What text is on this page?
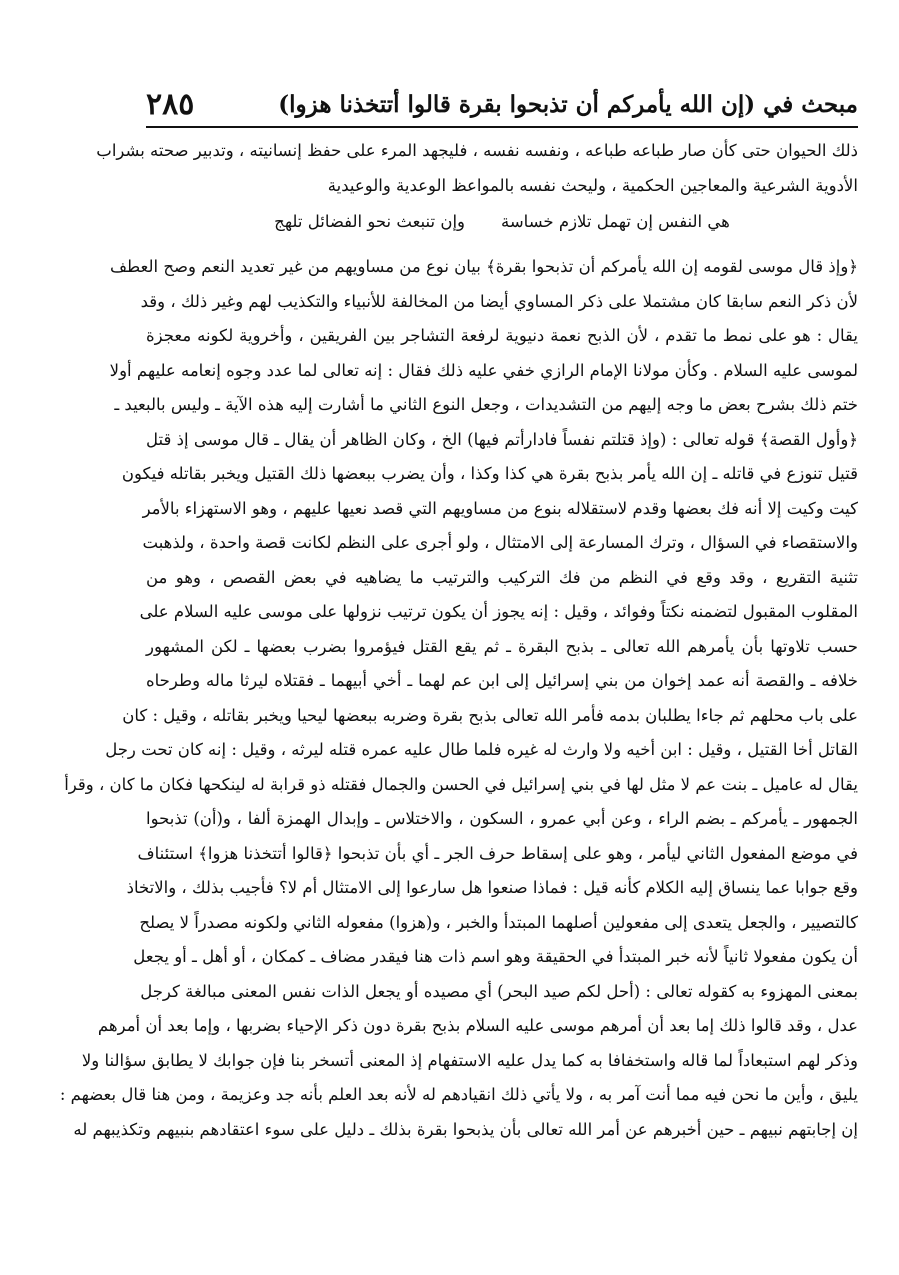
مبحث في (إن الله يأمركم أن تذبحوا بقرة قالوا أتتخذنا هزوا)
٢٨٥
ذلك الحيوان حتى كأن صار طباعه طباعه ، ونفسه نفسه ، فليجهد المرء على حفظ إنسانيته ، وتدبير صحته بشراب
الأدوية الشرعية والمعاجين الحكمية ، وليحث نفسه بالمواعظ الوعدية والوعيدية
هي النفس إن تهمل تلازم خساسة
وإن تنبعث نحو الفضائل تلهج
﴿وإذ قال موسى لقومه إن الله يأمركم أن تذبحوا بقرة﴾ بيان نوع من مساويهم من غير تعديد النعم وصح العطف
لأن ذكر النعم سابقا كان مشتملا على ذكر المساوي أيضا من المخالفة للأنبياء والتكذيب لهم وغير ذلك ، وقد
يقال : هو على نمط ما تقدم ، لأن الذبح نعمة دنيوية لرفعة التشاجر بين الفريقين ، وأخروية لكونه معجزة
لموسى عليه السلام . وكأن مولانا الإمام الرازي خفي عليه ذلك فقال : إنه تعالى لما عدد وجوه إنعامه عليهم أولا
ختم ذلك بشرح بعض ما وجه إليهم من التشديدات ، وجعل النوع الثاني ما أشارت إليه هذه الآية ـ وليس بالبعيد ـ
﴿وأول القصة﴾ قوله تعالى : (وإذ قتلتم نفساً فادارأتم فيها) الخ ، وكان الظاهر أن يقال ـ قال موسى إذ قتل
قتيل تنوزع في قاتله ـ إن الله يأمر بذبح بقرة هي كذا وكذا ، وأن يضرب ببعضها ذلك القتيل ويخبر بقاتله فيكون
كيت وكيت إلا أنه فك بعضها وقدم لاستقلاله بنوع من مساويهم التي قصد نعيها عليهم ، وهو الاستهزاء بالأمر
والاستقصاء في السؤال ، وترك المسارعة إلى الامتثال ، ولو أجرى على النظم لكانت قصة واحدة ، ولذهبت
تثنية التقريع ، وقد وقع في النظم من فك التركيب والترتيب ما يضاهيه في بعض القصص ، وهو من
المقلوب المقبول لتضمنه نكتاً وفوائد ، وقيل : إنه يجوز أن يكون ترتيب نزولها على موسى عليه السلام على
حسب تلاوتها بأن يأمرهم الله تعالى ـ بذبح البقرة ـ ثم يقع القتل فيؤمروا بضرب بعضها ـ لكن المشهور
خلافه ـ والقصة أنه عمد إخوان من بني إسرائيل إلى ابن عم لهما ـ أخي أبيهما ـ فقتلاه ليرثا ماله وطرحاه
على باب محلهم ثم جاءا يطلبان بدمه فأمر الله تعالى بذبح بقرة وضربه ببعضها ليحيا ويخبر بقاتله ، وقيل : كان
القاتل أخا القتيل ، وقيل : ابن أخيه ولا وارث له غيره فلما طال عليه عمره قتله ليرثه ، وقيل : إنه كان تحت رجل
يقال له عاميل ـ بنت عم لا مثل لها في بني إسرائيل في الحسن والجمال فقتله ذو قرابة له لينكحها فكان ما كان ، وقرأ
الجمهور ـ يأمركم ـ بضم الراء ، وعن أبي عمرو ، السكون ، والاختلاس ـ وإبدال الهمزة ألفا ، و(أن) تذبحوا
في موضع المفعول الثاني ليأمر ، وهو على إسقاط حرف الجر ـ أي بأن تذبحوا ﴿قالوا أتتخذنا هزوا﴾ استئناف
وقع جوابا عما ينساق إليه الكلام كأنه قيل : فماذا صنعوا هل سارعوا إلى الامتثال أم لا؟ فأجيب بذلك ، والاتخاذ
كالتصيير ، والجعل يتعدى إلى مفعولين أصلهما المبتدأ والخبر ، و(هزوا) مفعوله الثاني ولكونه مصدراً لا يصلح
أن يكون مفعولا ثانياً لأنه خبر المبتدأ في الحقيقة وهو اسم ذات هنا فيقدر مضاف ـ كمكان ، أو أهل ـ أو يجعل
بمعنى المهزوء به كقوله تعالى : (أحل لكم صيد البحر) أي مصيده أو يجعل الذات نفس المعنى مبالغة كرجل
عدل ، وقد قالوا ذلك إما بعد أن أمرهم موسى عليه السلام بذبح بقرة دون ذكر الإحياء بضربها ، وإما بعد أن أمرهم
وذكر لهم استبعاداً لما قاله واستخفافا به كما يدل عليه الاستفهام إذ المعنى أتسخر بنا فإن جوابك لا يطابق سؤالنا ولا
يليق ، وأين ما نحن فيه مما أنت آمر به ، ولا يأتي ذلك انقيادهم له لأنه بعد العلم بأنه جد وعزيمة ، ومن هنا قال بعضهم :
إن إجابتهم نبيهم ـ حين أخبرهم عن أمر الله تعالى بأن يذبحوا بقرة بذلك ـ دليل على سوء اعتقادهم بنبيهم وتكذيبهم له
